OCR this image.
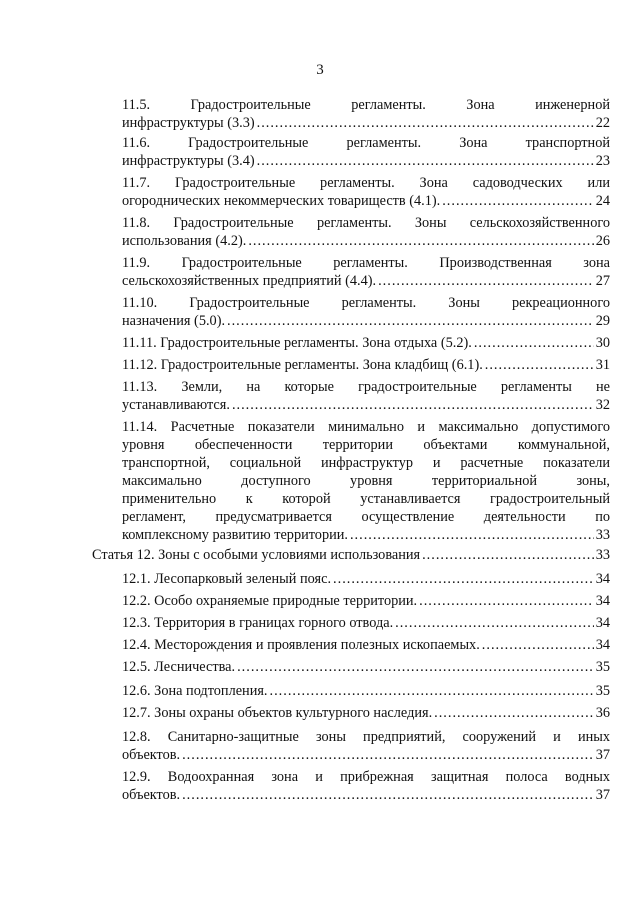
3
11.5. Градостроительные регламенты. Зона инженерной
инфраструктуры (3.3) .....	22
11.6. Градостроительные регламенты. Зона транспортной
инфраструктуры (3.4) .....	23
11.7. Градостроительные регламенты. Зона садоводческих или
огороднических некоммерческих товариществ (4.1). .....	24
11.8. Градостроительные регламенты. Зоны сельскохозяйственного
использования (4.2). .....	26
11.9. Градостроительные регламенты. Производственная зона
сельскохозяйственных предприятий (4.4). .....	27
11.10. Градостроительные регламенты. Зоны рекреационного
назначения (5.0). .....	29
11.11. Градостроительные регламенты. Зона отдыха (5.2). .....	30
11.12. Градостроительные регламенты. Зона кладбищ (6.1). .....	31
11.13. Земли, на которые градостроительные регламенты не
устанавливаются. .....	32
11.14. Расчетные показатели минимально и максимально допустимого
уровня обеспеченности территории объектами коммунальной,
транспортной, социальной инфраструктур и расчетные показатели
максимально доступного уровня территориальной зоны,
применительно к которой устанавливается градостроительный
регламент, предусматривается осуществление деятельности по
комплексному развитию территории. .....	33
Статья 12. Зоны с особыми условиями использования .....	33
12.1. Лесопарковый зеленый пояс. .....	34
12.2. Особо охраняемые природные территории. .....	34
12.3. Территория в границах горного отвода. .....	34
12.4. Месторождения и проявления полезных ископаемых. .....	34
12.5. Лесничества. .....	35
12.6. Зона подтопления. .....	35
12.7. Зоны охраны объектов культурного наследия. .....	36
12.8. Санитарно-защитные зоны предприятий, сооружений и иных
объектов. .....	37
12.9. Водоохранная зона и прибрежная защитная полоса водных
объектов. .....	37
